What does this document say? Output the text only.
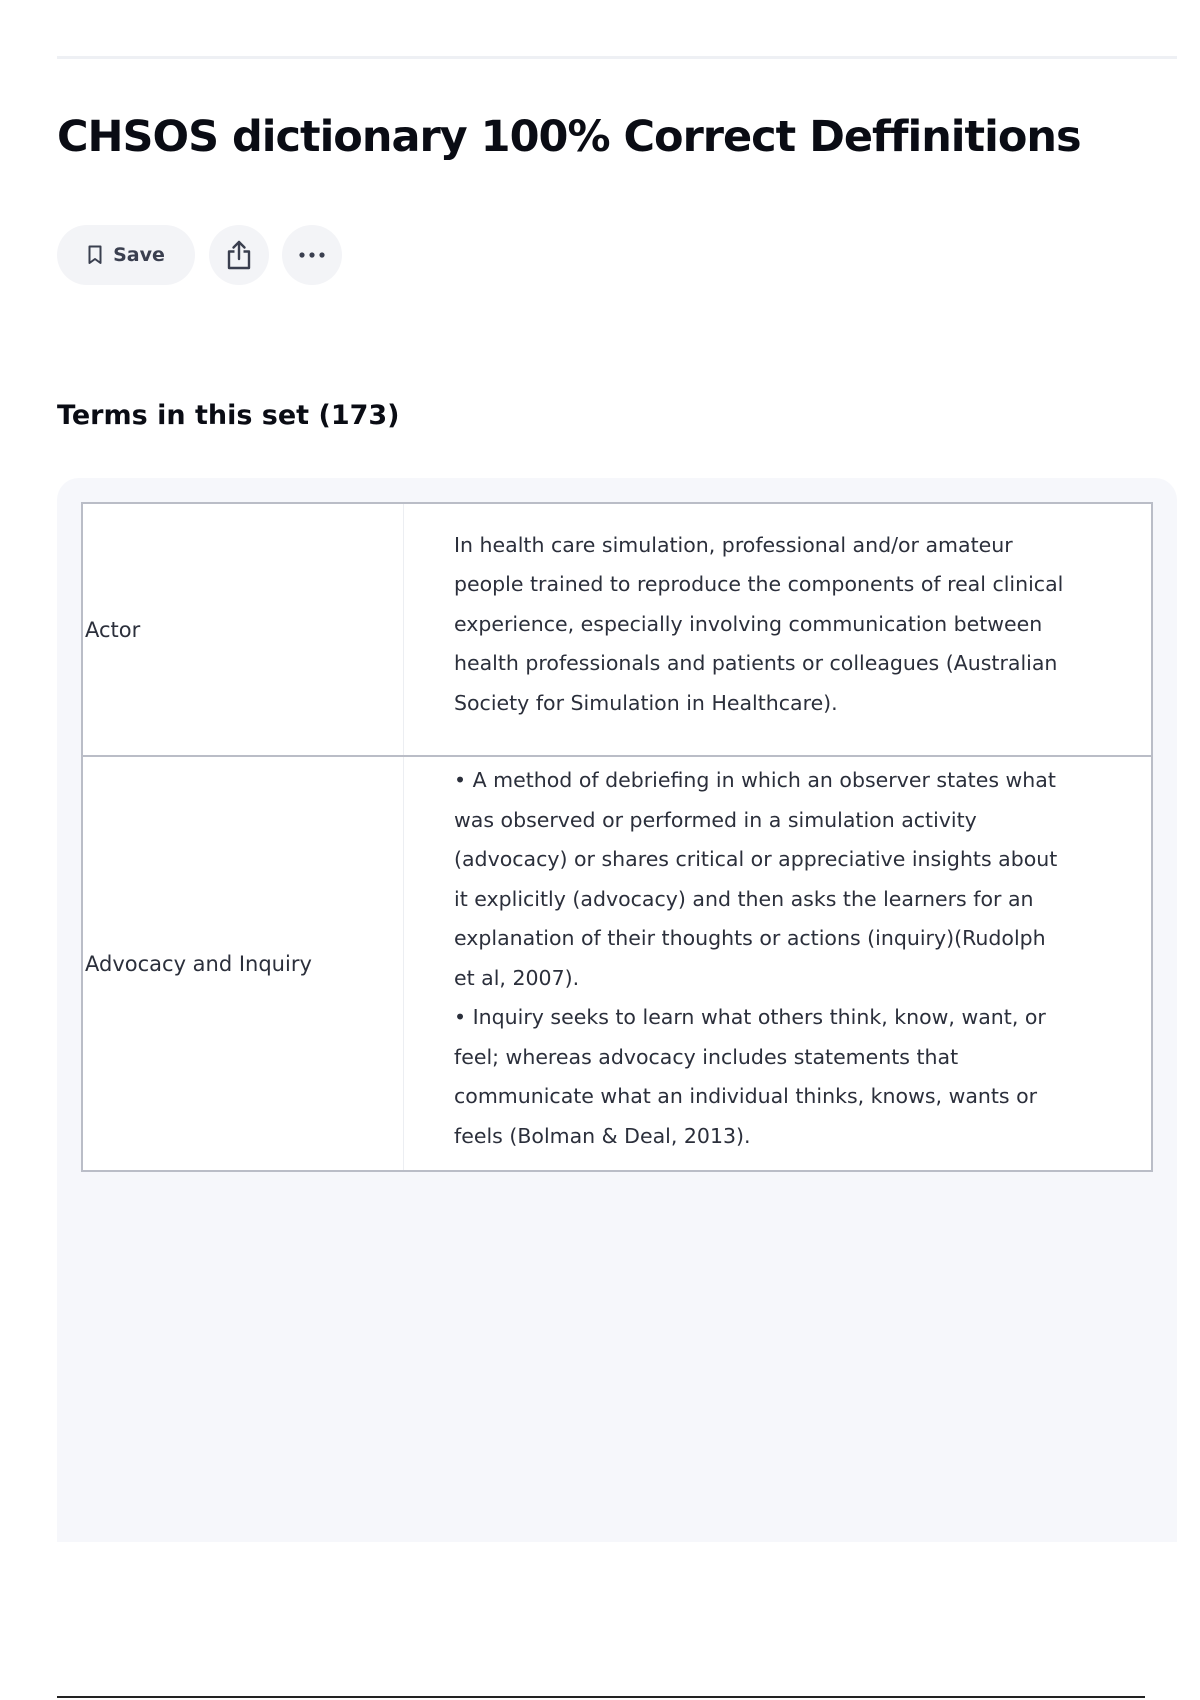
CHSOS dictionary 100% Correct Deffinitions
Save
Terms in this set (173)
Actor	In health care simulation, professional and/or amateur people trained to reproduce the components of real clinical experience, especially involving communication between health professionals and patients or colleagues (Australian Society for Simulation in Healthcare).
Advocacy and Inquiry	• A method of debriefing in which an observer states what was observed or performed in a simulation activity (advocacy) or shares critical or appreciative insights about it explicitly (advocacy) and then asks the learners for an explanation of their thoughts or actions (inquiry)(Rudolph et al, 2007).
• Inquiry seeks to learn what others think, know, want, or feel; whereas advocacy includes statements that communicate what an individual thinks, knows, wants or feels (Bolman & Deal, 2013).
